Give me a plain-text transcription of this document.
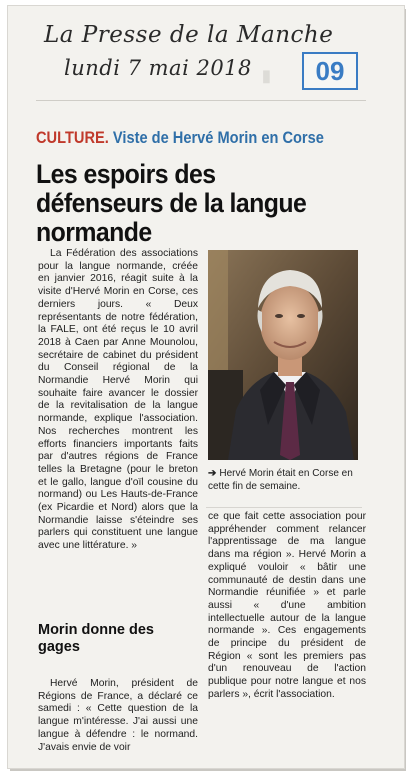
La Presse de la Manche
lundi 7 mai 2018	09
▮
CULTURE. Viste de Hervé Morin en Corse
Les espoirs des défenseurs de la langue normande

La Fédération des associations pour la langue normande, créée en janvier 2016, réagit suite à la visite d'Hervé Morin en Corse, ces derniers jours. « Deux représentants de notre fédération, la FALE, ont été reçus le 10 avril 2018 à Caen par Anne Mounolou, secrétaire de cabinet du président du Conseil régional de la Normandie Hervé Morin qui souhaite faire avancer le dossier de la revitalisation de la langue normande, explique l'association. Nos recherches montrent les efforts financiers importants faits par d'autres régions de France telles la Bretagne (pour le breton et le gallo, langue d'oïl cousine du normand) ou Les Hauts-de-France (ex Picardie et Nord) alors que la Normandie laisse s'éteindre ses parlers qui constituent une langue avec une littérature. »

Morin donne des gages

Hervé Morin, président de Régions de France, a déclaré ce samedi : « Cette question de la langue m'intéresse. J'ai aussi une langue à défendre : le normand. J'avais envie de voir

➔ Hervé Morin était en Corse en cette fin de semaine.

ce que fait cette association pour appréhender comment relancer l'apprentissage de ma langue dans ma région ». Hervé Morin a expliqué vouloir « bâtir une communauté de destin dans une Normandie réunifiée » et parle aussi « d'une ambition intellectuelle autour de la langue normande ». Ces engagements de principe du président de Région « sont les premiers pas d'un renouveau de l'action publique pour notre langue et nos parlers », écrit l'association.
